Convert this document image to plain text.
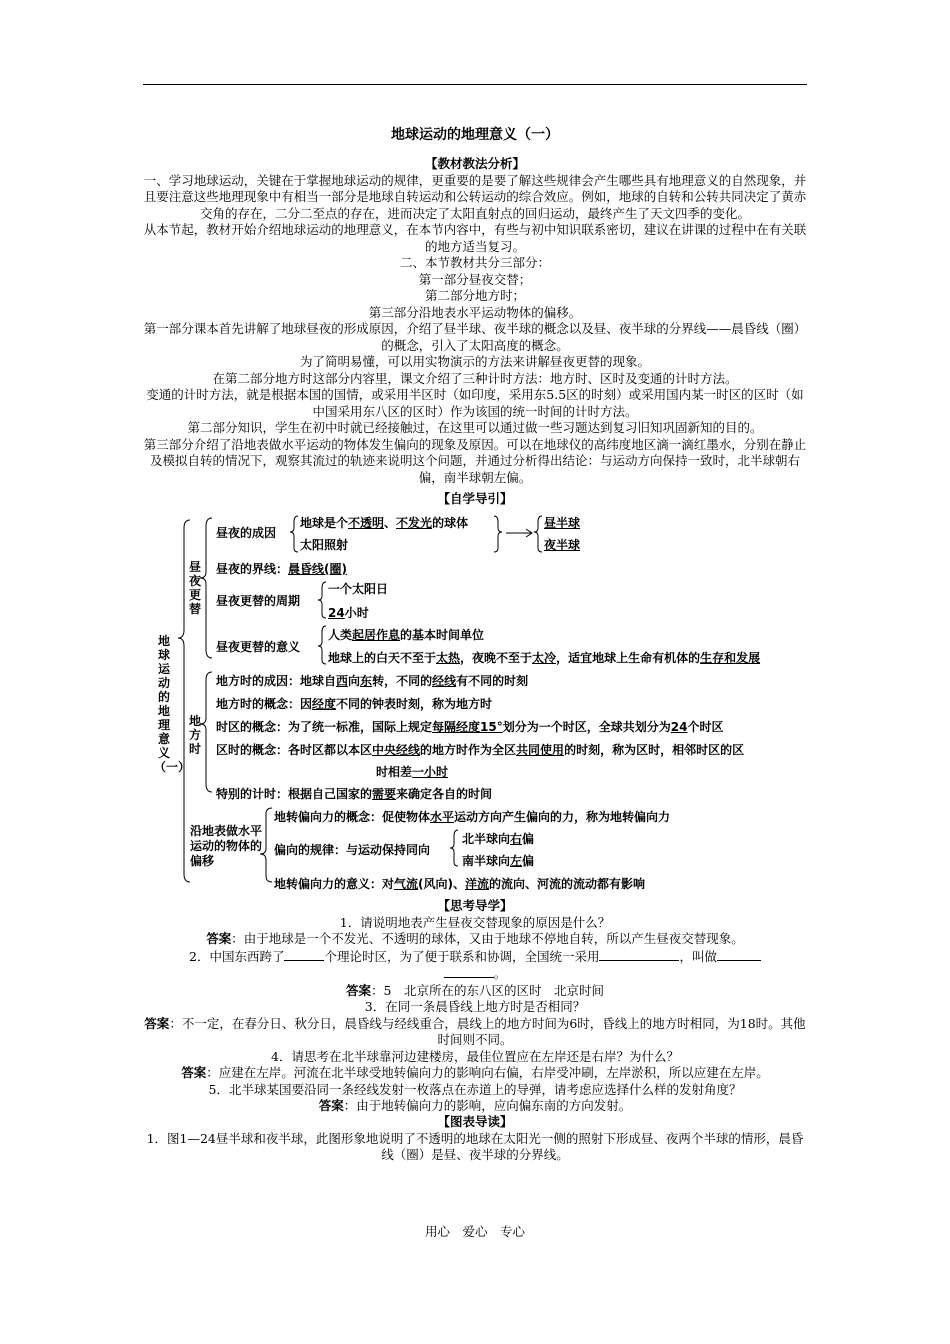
地球运动的地理意义（一）
【教材教法分析】

一、学习地球运动，关键在于掌握地球运动的规律，更重要的是要了解这些规律会产生哪些具有地理意义的自然现象，并且要注意这些地理现象中有相当一部分是地球自转运动和公转运动的综合效应。例如，地球的自转和公转共同决定了黄赤交角的存在，二分二至点的存在，进而决定了太阳直射点的回归运动，最终产生了天文四季的变化。

从本节起，教材开始介绍地球运动的地理意义，在本节内容中，有些与初中知识联系密切，建议在讲课的过程中在有关联的地方适当复习。

二、本节教材共分三部分：

第一部分昼夜交替；

第二部分地方时；

第三部分沿地表水平运动物体的偏移。

第一部分课本首先讲解了地球昼夜的形成原因，介绍了昼半球、夜半球的概念以及昼、夜半球的分界线——晨昏线（圈）的概念，引入了太阳高度的概念。

为了简明易懂，可以用实物演示的方法来讲解昼夜更替的现象。

在第二部分地方时这部分内容里，课文介绍了三种计时方法：地方时、区时及变通的计时方法。

变通的计时方法，就是根据本国的国情，或采用半区时（如印度，采用东5.5区的时刻）或采用国内某一时区的区时（如中国采用东八区的区时）作为该国的统一时间的计时方法。

第二部分知识，学生在初中时就已经接触过，在这里可以通过做一些习题达到复习旧知巩固新知的目的。

第三部分介绍了沿地表做水平运动的物体发生偏向的现象及原因。可以在地球仪的高纬度地区滴一滴红墨水，分别在静止及模拟自转的情况下，观察其流过的轨迹来说明这个问题，并通过分析得出结论：与运动方向保持一致时，北半球朝右偏，南半球朝左偏。

【自学导引】
地球运动的地理意义（一）
昼夜更替
地方时
沿地表做水平运动的物体的偏移
昼夜的成因
地球是个不透明、不发光的球体
太阳照射
昼半球
夜半球
昼夜的界线：晨昏线(圈)
昼夜更替的周期
一个太阳日
24小时
昼夜更替的意义
人类起居作息的基本时间单位
地球上的白天不至于太热，夜晚不至于太冷，适宜地球上生命有机体的生存和发展
地方时的成因：地球自西向东转，不同的经线有不同的时刻
地方时的概念：因经度不同的钟表时刻，称为地方时
时区的概念：为了统一标准，国际上规定每隔经度15°划分为一个时区，全球共划分为24个时区
区时的概念：各时区都以本区中央经线的地方时作为全区共同使用的时刻，称为区时，相邻时区的区
时相差一小时
特别的计时：根据自己国家的需要来确定各自的时间
地转偏向力的概念：促使物体水平运动方向产生偏向的力，称为地转偏向力
偏向的规律：与运动保持同向
北半球向右偏
南半球向左偏
地转偏向力的意义：对气流(风向)、洋流的流向、河流的流动都有影响
【思考导学】

1．请说明地表产生昼夜交替现象的原因是什么？

答案：由于地球是一个不发光、不透明的球体，又由于地球不停地自转，所以产生昼夜交替现象。

2．中国东西跨了	个理论时区，为了便于联系和协调，全国统一采用	，叫做

。

答案：5　北京所在的东八区的区时　北京时间

3．在同一条晨昏线上地方时是否相同？

答案：不一定，在春分日、秋分日，晨昏线与经线重合，晨线上的地方时间为6时，昏线上的地方时相同，为18时。其他时间则不同。

4．请思考在北半球靠河边建楼房，最佳位置应在左岸还是右岸？为什么？

答案：应建在左岸。河流在北半球受地转偏向力的影响向右偏，右岸受冲刷，左岸淤积，所以应建在左岸。

5．北半球某国要沿同一条经线发射一枚落点在赤道上的导弹，请考虑应选择什么样的发射角度？

答案：由于地转偏向力的影响，应向偏东南的方向发射。

【图表导读】

1．图1—24昼半球和夜半球，此图形象地说明了不透明的地球在太阳光一侧的照射下形成昼、夜两个半球的情形，晨昏线（圈）是昼、夜半球的分界线。

用心　爱心　专心
